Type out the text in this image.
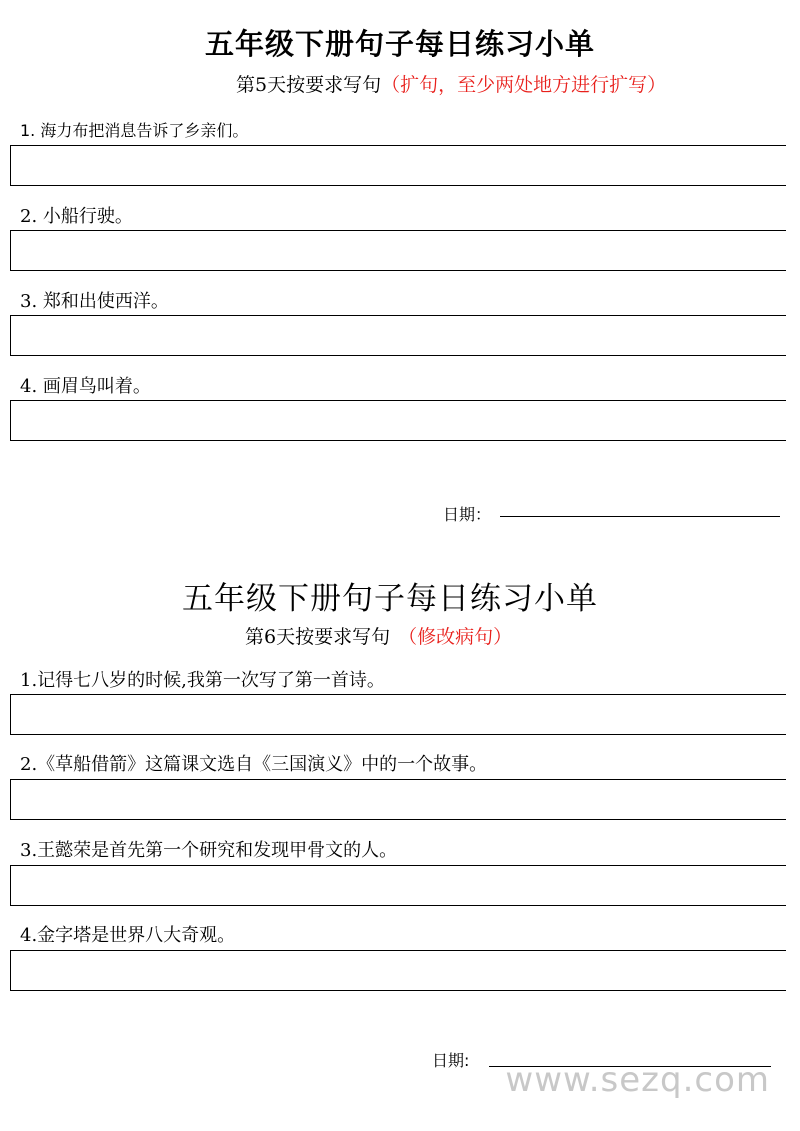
五年级下册句子每日练习小单
第5天按要求写句（扩句，至少两处地方进行扩写）
1. 海力布把消息告诉了乡亲们。
2. 小船行驶。
3. 郑和出使西洋。
4. 画眉鸟叫着。
日期：
五年级下册句子每日练习小单
第6天按要求写句 （修改病句）
1.记得七八岁的时候,我第一次写了第一首诗。
2.《草船借箭》这篇课文选自《三国演义》中的一个故事。
3.王懿荣是首先第一个研究和发现甲骨文的人。
4.金字塔是世界八大奇观。
日期: www.sezq.com
